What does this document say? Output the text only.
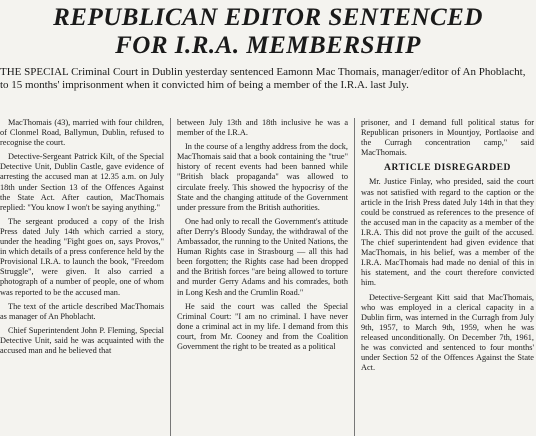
REPUBLICAN EDITOR SENTENCED
FOR I.R.A. MEMBERSHIP

THE SPECIAL Criminal Court in Dublin yesterday sentenced Eamonn Mac Thomais, manager/editor of An Phoblacht, to 15 months' imprisonment when it convicted him of being a member of the I.R.A. last July.

MacThomais (43), married with four children, of Clonmel Road, Ballymun, Dublin, refused to recognise the court.

Detective-Sergeant Patrick Kilt, of the Special Detective Unit, Dublin Castle, gave evidence of arresting the accused man at 12.35 a.m. on July 18th under Section 13 of the Offences Against the State Act. After caution, MacThomais replied: "You know I won't be saying anything."

The sergeant produced a copy of the Irish Press dated July 14th which carried a story, under the heading "Fight goes on, says Provos," in which details of a press conference held by the Provisional I.R.A. to launch the book, "Freedom Struggle", were given. It also carried a photograph of a number of people, one of whom was reported to be the accused man.

The text of the article described MacThomais as manager of An Phoblacht.

Chief Superintendent John P. Fleming, Special Detective Unit, said he was acquainted with the accused man and he believed that

between July 13th and 18th inclusive he was a member of the I.R.A.

In the course of a lengthy address from the dock, MacThomais said that a book containing the "true" history of recent events had been banned while "British black propaganda" was allowed to circulate freely. This showed the hypocrisy of the State and the changing attitude of the Government under pressure from the British authorities.

One had only to recall the Government's attitude after Derry's Bloody Sunday, the withdrawal of the Ambassador, the running to the United Nations, the Human Rights case in Strasbourg — all this had been forgotten; the Rights case had been dropped and the British forces "are being allowed to torture and murder Gerry Adams and his comrades, both in Long Kesh and the Crumlin Road."

He said the court was called the Special Criminal Court: "I am no criminal. I have never done a criminal act in my life. I demand from this court, from Mr. Cooney and from the Coalition Government the right to be treated as a political

prisoner, and I demand full political status for Republican prisoners in Mountjoy, Portlaoise and the Curragh concentration camp," said MacThomais.

ARTICLE DISREGARDED

Mr. Justice Finlay, who presided, said the court was not satisfied with regard to the caption or the article in the Irish Press dated July 14th in that they could be construed as references to the presence of the accused man in the capacity as a member of the I.R.A. This did not prove the guilt of the accused. The chief superintendent had given evidence that MacThomais, in his belief, was a member of the I.R.A. MacThomais had made no denial of this in his statement, and the court therefore convicted him.

Detective-Sergeant Kitt said that MacThomais, who was employed in a clerical capacity in a Dublin firm, was interned in the Curragh from July 9th, 1957, to March 9th, 1959, when he was released unconditionally. On December 7th, 1961, he was convicted and sentenced to four months' under Section 52 of the Offences Against the State Act.
